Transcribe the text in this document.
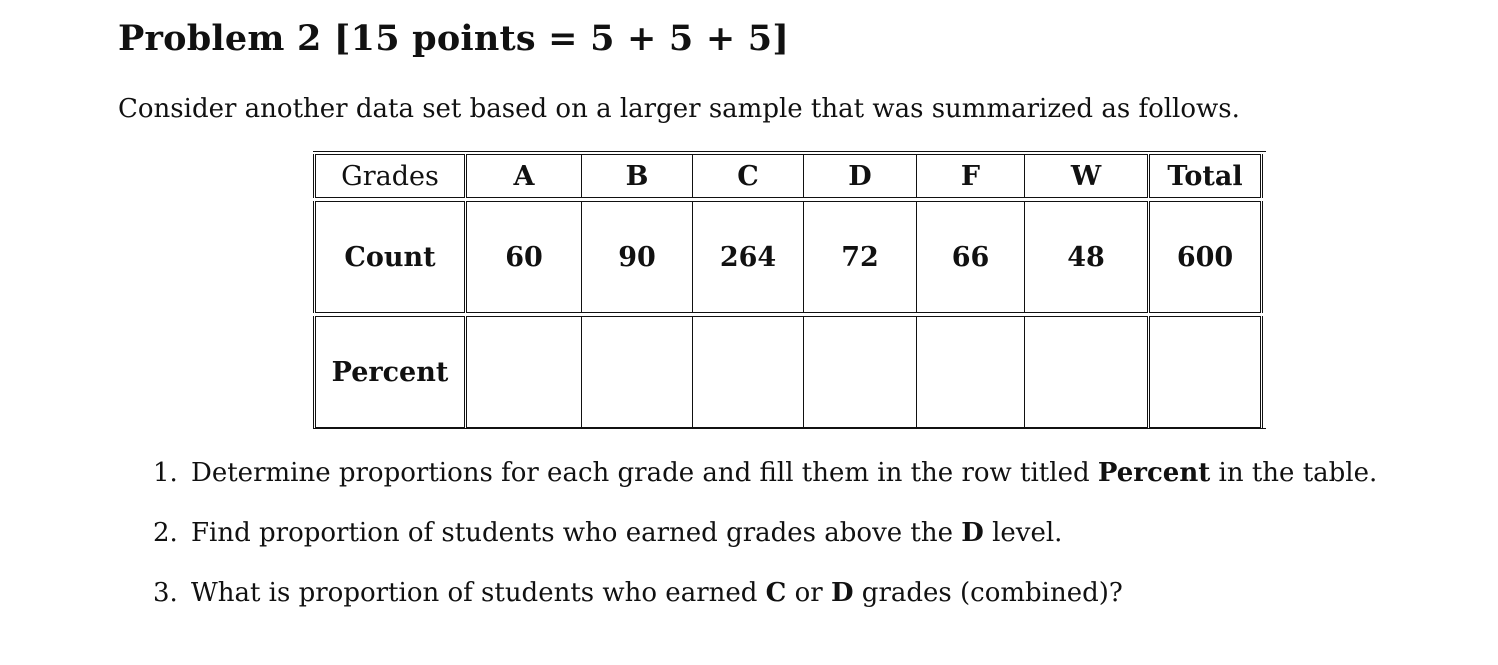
Problem 2 [15 points = 5 + 5 + 5]
Consider another data set based on a larger sample that was summarized as follows.
Grades	A	B	C	D	F	W	Total

Count	60	90	264	72	66	48	600

Percent							
1. Determine proportions for each grade and fill them in the row titled Percent in the table.
2. Find proportion of students who earned grades above the D level.
3. What is proportion of students who earned C or D grades (combined)?
